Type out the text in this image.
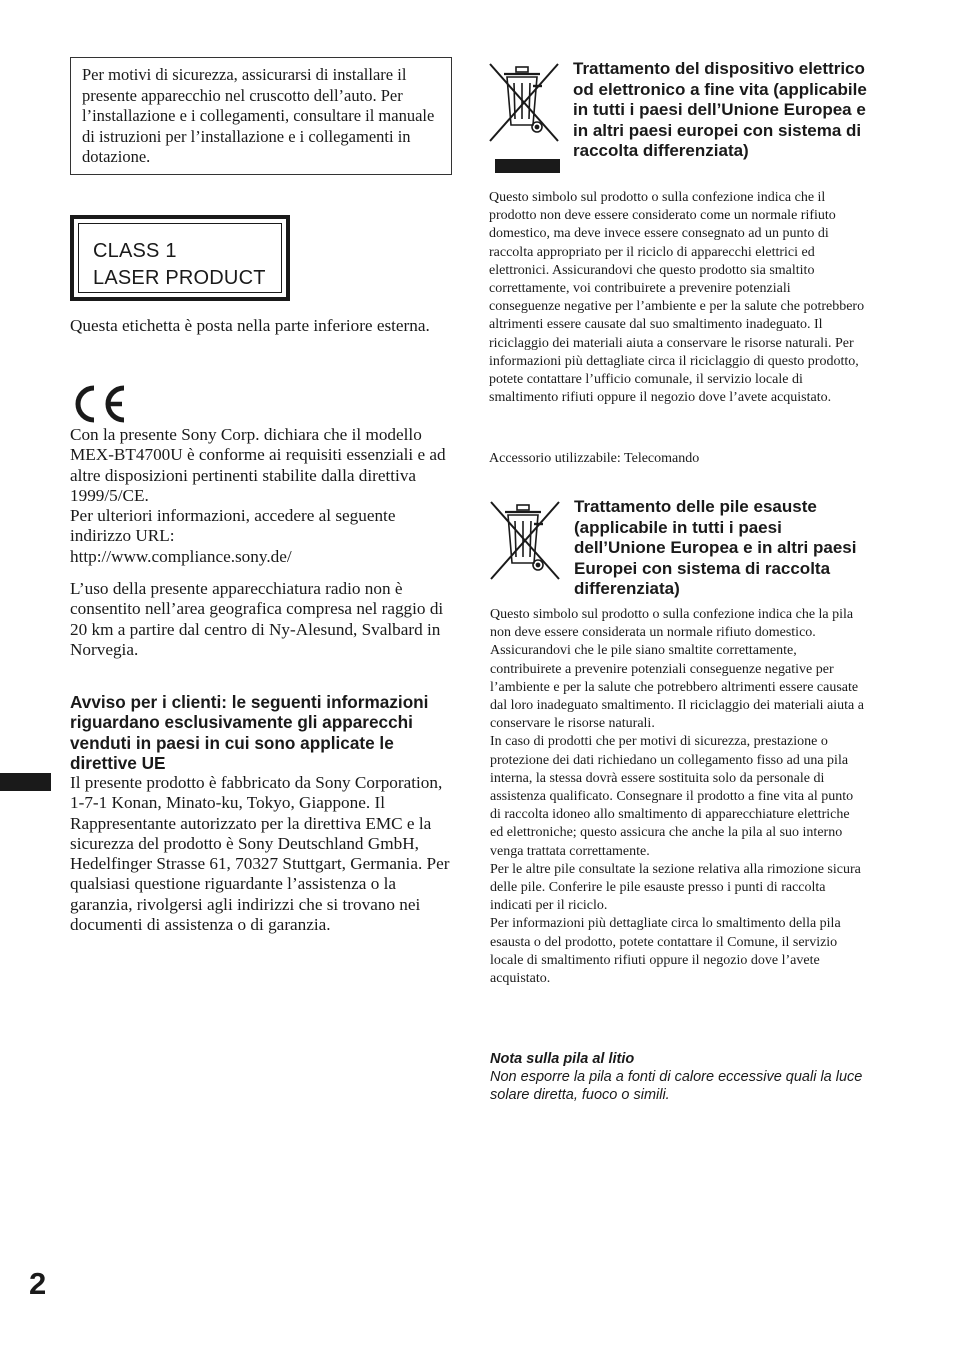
Per motivi di sicurezza, assicurarsi di installare il presente apparecchio nel cruscotto dell’auto. Per l’installazione e i collegamenti, consultare il manuale di istruzioni per l’installazione e i collegamenti in dotazione.
CLASS 1
LASER PRODUCT
Questa etichetta è posta nella parte inferiore esterna.
Con la presente Sony Corp. dichiara che il modello MEX-BT4700U è conforme ai requisiti essenziali e ad altre disposizioni pertinenti stabilite dalla direttiva 1999/5/CE.
Per ulteriori informazioni, accedere al seguente indirizzo URL:
http://www.compliance.sony.de/
L’uso della presente apparecchiatura radio non è consentito nell’area geografica compresa nel raggio di 20 km a partire dal centro di Ny-Alesund, Svalbard in Norvegia.
Avviso per i clienti: le seguenti informazioni riguardano esclusivamente gli apparecchi venduti in paesi in cui sono applicate le direttive UE
Il presente prodotto è fabbricato da Sony Corporation, 1-7-1 Konan, Minato-ku, Tokyo, Giappone. Il Rappresentante autorizzato per la direttiva EMC e la sicurezza del prodotto è Sony Deutschland GmbH, Hedelfinger Strasse 61, 70327 Stuttgart, Germania. Per qualsiasi questione riguardante l’assistenza o la garanzia, rivolgersi agli indirizzi che si trovano nei documenti di assistenza o di garanzia.
2
Trattamento del dispositivo elettrico od elettronico a fine vita (applicabile in tutti i paesi dell’Unione Europea e in altri paesi europei con sistema di raccolta differenziata)
Questo simbolo sul prodotto o sulla confezione indica che il prodotto non deve essere considerato come un normale rifiuto domestico, ma deve invece essere consegnato ad un punto di raccolta appropriato per il riciclo di apparecchi elettrici ed elettronici. Assicurandovi che questo prodotto sia smaltito correttamente, voi contribuirete a prevenire potenziali conseguenze negative per l’ambiente e per la salute che potrebbero altrimenti essere causate dal suo smaltimento inadeguato. Il riciclaggio dei materiali aiuta a conservare le risorse naturali. Per informazioni più dettagliate circa il riciclaggio di questo prodotto, potete contattare l’ufficio comunale, il servizio locale di smaltimento rifiuti oppure il negozio dove l’avete acquistato.
Accessorio utilizzabile: Telecomando
Trattamento delle pile esauste (applicabile in tutti i paesi dell’Unione Europea e in altri paesi Europei con sistema di raccolta differenziata)

Questo simbolo sul prodotto o sulla confezione indica che la pila non deve essere considerata un normale rifiuto domestico. Assicurandovi che le pile siano smaltite correttamente, contribuirete a prevenire potenziali conseguenze negative per l’ambiente e per la salute che potrebbero altrimenti essere causate dal loro inadeguato smaltimento. Il riciclaggio dei materiali aiuta a conservare le risorse naturali.

In caso di prodotti che per motivi di sicurezza, prestazione o protezione dei dati richiedano un collegamento fisso ad una pila interna, la stessa dovrà essere sostituita solo da personale di assistenza qualificato. Consegnare il prodotto a fine vita al punto di raccolta idoneo allo smaltimento di apparecchiature elettriche ed elettroniche; questo assicura che anche la pila al suo interno venga trattata correttamente.

Per le altre pile consultate la sezione relativa alla rimozione sicura delle pile. Conferire le pile esauste presso i punti di raccolta indicati per il riciclo.

Per informazioni più dettagliate circa lo smaltimento della pila esausta o del prodotto, potete contattare il Comune, il servizio locale di smaltimento rifiuti oppure il negozio dove l’avete acquistato.

Nota sulla pila al litio
Non esporre la pila a fonti di calore eccessive quali la luce solare diretta, fuoco o simili.
